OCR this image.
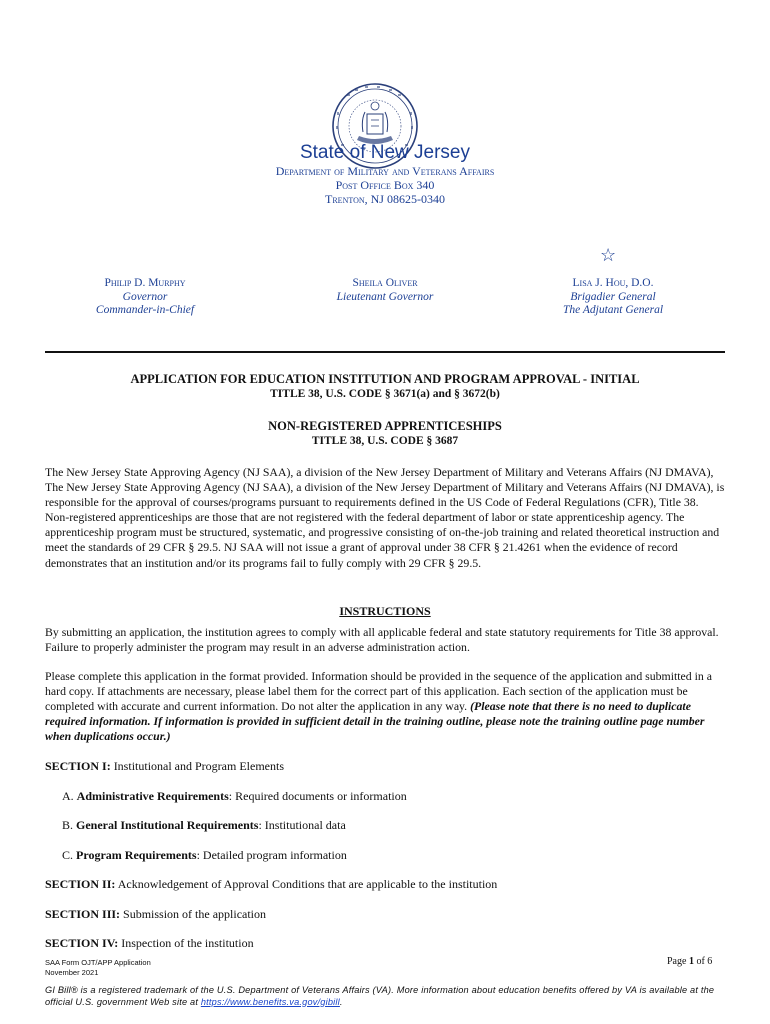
State of New Jersey
Department of Military and Veterans Affairs
Post Office Box 340
Trenton, NJ 08625-0340
☆
Philip D. Murphy
Governor
Commander-in-Chief
Sheila Oliver
Lieutenant Governor
Lisa J. Hou, D.O.
Brigadier General
The Adjutant General
APPLICATION FOR EDUCATION INSTITUTION AND PROGRAM APPROVAL - INITIAL
TITLE 38, U.S. CODE § 3671(a) and § 3672(b)
NON-REGISTERED APPRENTICESHIPS
TITLE 38, U.S. CODE § 3687
The New Jersey State Approving Agency (NJ SAA), a division of the New Jersey Department of Military and Veterans Affairs (NJ DMAVA), The New Jersey State Approving Agency (NJ SAA), a division of the New Jersey Department of Military and Veterans Affairs (NJ DMAVA), is responsible for the approval of courses/programs pursuant to requirements defined in the US Code of Federal Regulations (CFR), Title 38. Non-registered apprenticeships are those that are not registered with the federal department of labor or state apprenticeship agency. The apprenticeship program must be structured, systematic, and progressive consisting of on-the-job training and related theoretical instruction and meet the standards of 29 CFR § 29.5. NJ SAA will not issue a grant of approval under 38 CFR § 21.4261 when the evidence of record demonstrates that an institution and/or its programs fail to fully comply with 29 CFR § 29.5.
INSTRUCTIONS
By submitting an application, the institution agrees to comply with all applicable federal and state statutory requirements for Title 38 approval. Failure to properly administer the program may result in an adverse administration action.
Please complete this application in the format provided. Information should be provided in the sequence of the application and submitted in a hard copy. If attachments are necessary, please label them for the correct part of this application. Each section of the application must be completed with accurate and current information. Do not alter the application in any way. (Please note that there is no need to duplicate required information. If information is provided in sufficient detail in the training outline, please note the training outline page number when duplications occur.)
SECTION I: Institutional and Program Elements
A. Administrative Requirements: Required documents or information
B. General Institutional Requirements: Institutional data
C. Program Requirements: Detailed program information
SECTION II: Acknowledgement of Approval Conditions that are applicable to the institution
SECTION III: Submission of the application
SECTION IV: Inspection of the institution
SAA Form OJT/APP Application
November 2021
Page 1 of 6
GI Bill® is a registered trademark of the U.S. Department of Veterans Affairs (VA). More information about education benefits offered by VA is available at the official U.S. government Web site at https://www.benefits.va.gov/gibill.
